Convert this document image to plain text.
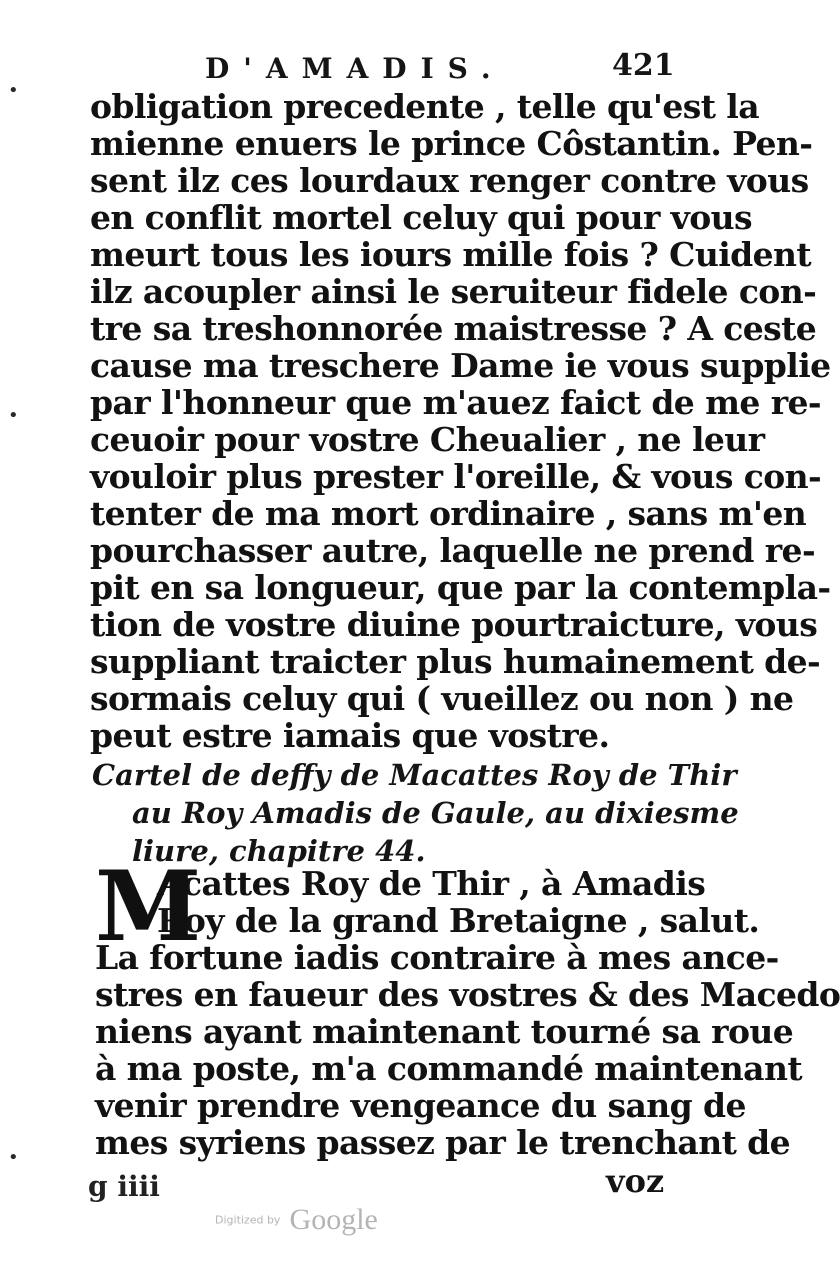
D'AMADIS.	421
•
•
•
obligation precedente , telle qu'est la
mienne enuers le prince Côstantin. Pen-
sent ilz ces lourdaux renger contre vous
en conflit mortel celuy qui pour vous
meurt tous les iours mille fois ? Cuident
ilz acoupler ainsi le seruiteur fidele con-
tre sa treshonnorée maistresse ? A ceste
cause ma treschere Dame ie vous supplie
par l'honneur que m'auez faict de me re-
ceuoir pour vostre Cheualier , ne leur
vouloir plus prester l'oreille, & vous con-
tenter de ma mort ordinaire , sans m'en
pourchasser autre, laquelle ne prend re-
pit en sa longueur, que par la contempla-
tion de vostre diuine pourtraicture, vous
suppliant traicter plus humainement de-
sormais celuy qui ( vueillez ou non ) ne
peut estre iamais que vostre.
Cartel de deffy de Macattes Roy de Thir
au Roy Amadis de Gaule, au dixiesme
liure, chapitre 44.
M
Acattes Roy de Thir , à Amadis
Roy de la grand Bretaigne , salut.
La fortune iadis contraire à mes ance-
stres en faueur des vostres & des Macedo
niens ayant maintenant tourné sa roue
à ma poste, m'a commandé maintenant
venir prendre vengeance du sang de
mes syriens passez par le trenchant de
g iiii	voz
Digitized by Google
